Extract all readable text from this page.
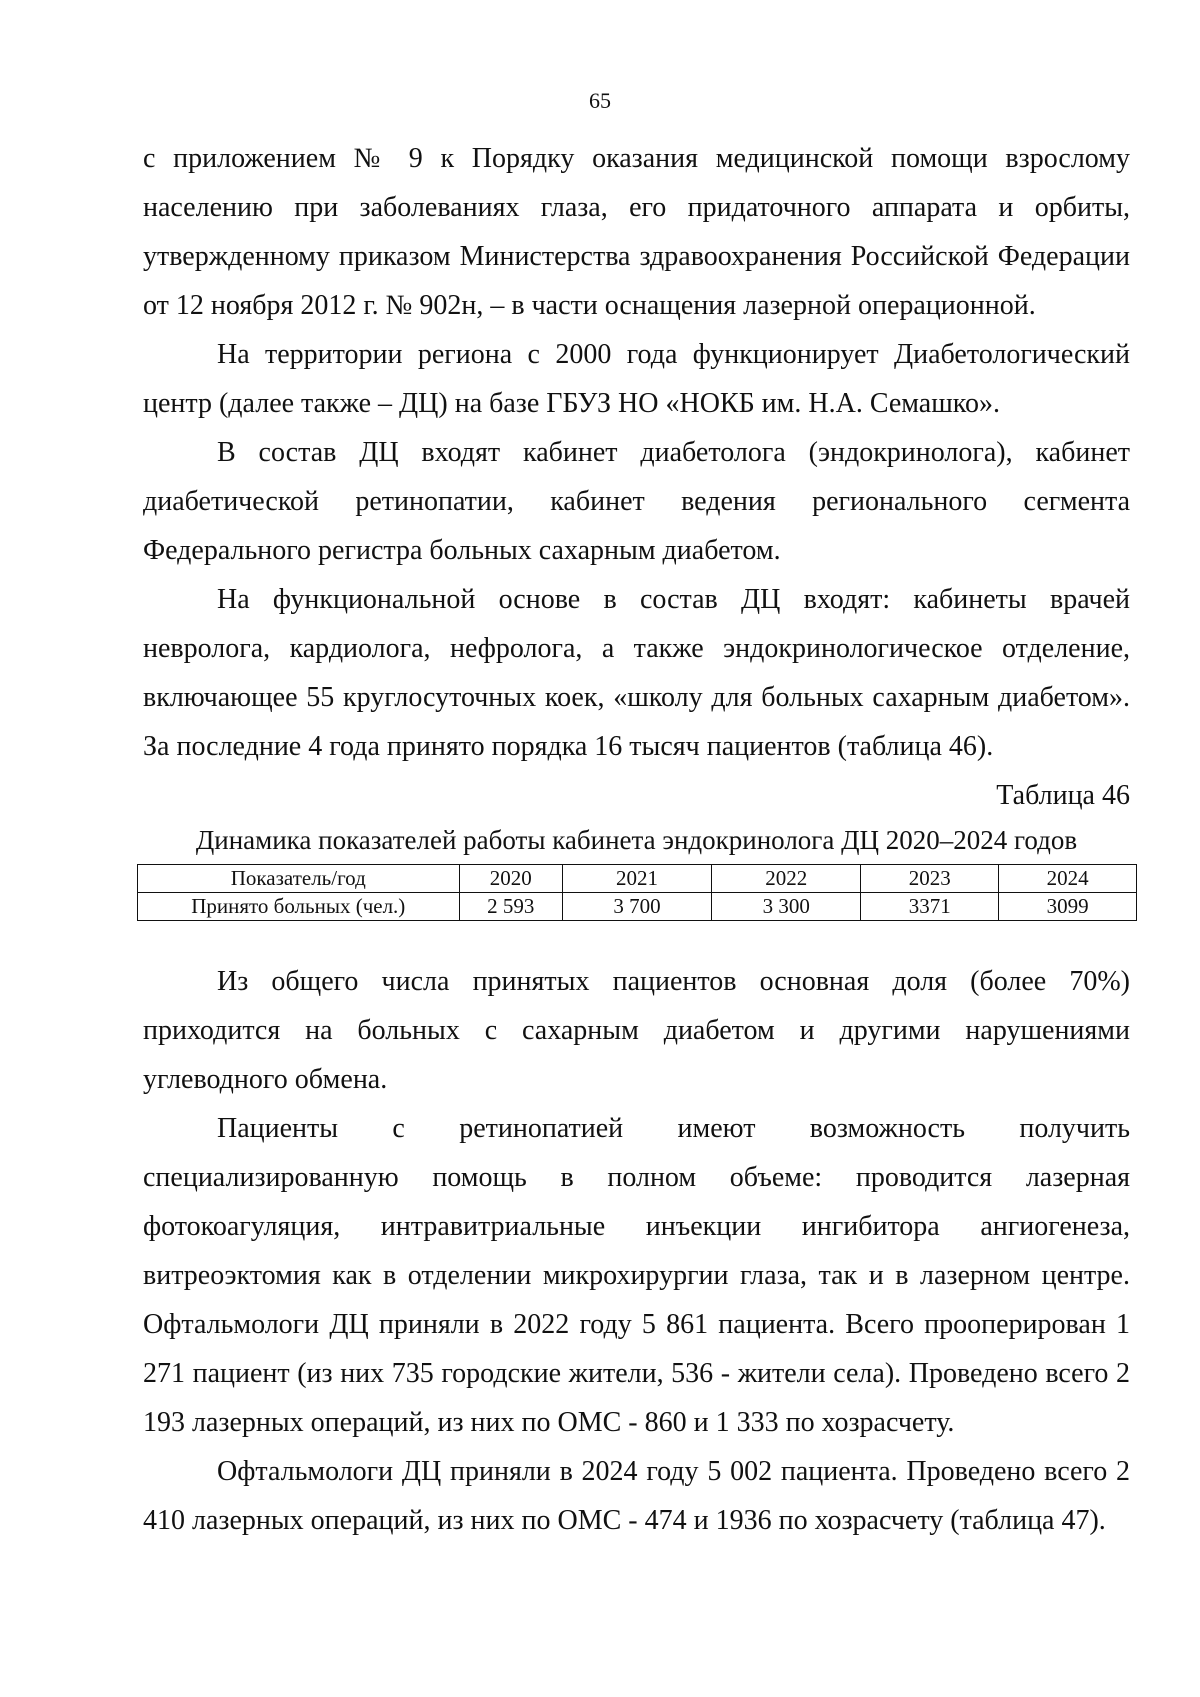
65

с приложением № 9 к Порядку оказания медицинской помощи взрослому населению при заболеваниях глаза, его придаточного аппарата и орбиты, утвержденному приказом Министерства здравоохранения Российской Федерации от 12 ноября 2012 г. № 902н, – в части оснащения лазерной операционной.

На территории региона с 2000 года функционирует Диабетологический центр (далее также – ДЦ) на базе ГБУЗ НО «НОКБ им. Н.А. Семашко».

В состав ДЦ входят кабинет диабетолога (эндокринолога), кабинет диабетической ретинопатии, кабинет ведения регионального сегмента Федерального регистра больных сахарным диабетом.

На функциональной основе в состав ДЦ входят: кабинеты врачей невролога, кардиолога, нефролога, а также эндокринологическое отделение, включающее 55 круглосуточных коек, «школу для больных сахарным диабетом». За последние 4 года принято порядка 16 тысяч пациентов (таблица 46).

Таблица 46
Динамика показателей работы кабинета эндокринолога ДЦ 2020–2024 годов
Показатель/год	2020	2021	2022	2023	2024
Принято больных (чел.)	2 593	3 700	3 300	3371	3099

Из общего числа принятых пациентов основная доля (более 70%) приходится на больных с сахарным диабетом и другими нарушениями углеводного обмена.

Пациенты с ретинопатией имеют возможность получить специализированную помощь в полном объеме: проводится лазерная фотокоагуляция, интравитриальные инъекции ингибитора ангиогенеза, витреоэктомия как в отделении микрохирургии глаза, так и в лазерном центре. Офтальмологи ДЦ приняли в 2022 году 5 861 пациента. Всего прооперирован 1 271 пациент (из них 735 городские жители, 536 - жители села). Проведено всего 2 193 лазерных операций, из них по ОМС - 860 и 1 333 по хозрасчету.

Офтальмологи ДЦ приняли в 2024 году 5 002 пациента. Проведено всего 2 410 лазерных операций, из них по ОМС - 474 и 1936 по хозрасчету (таблица 47).
